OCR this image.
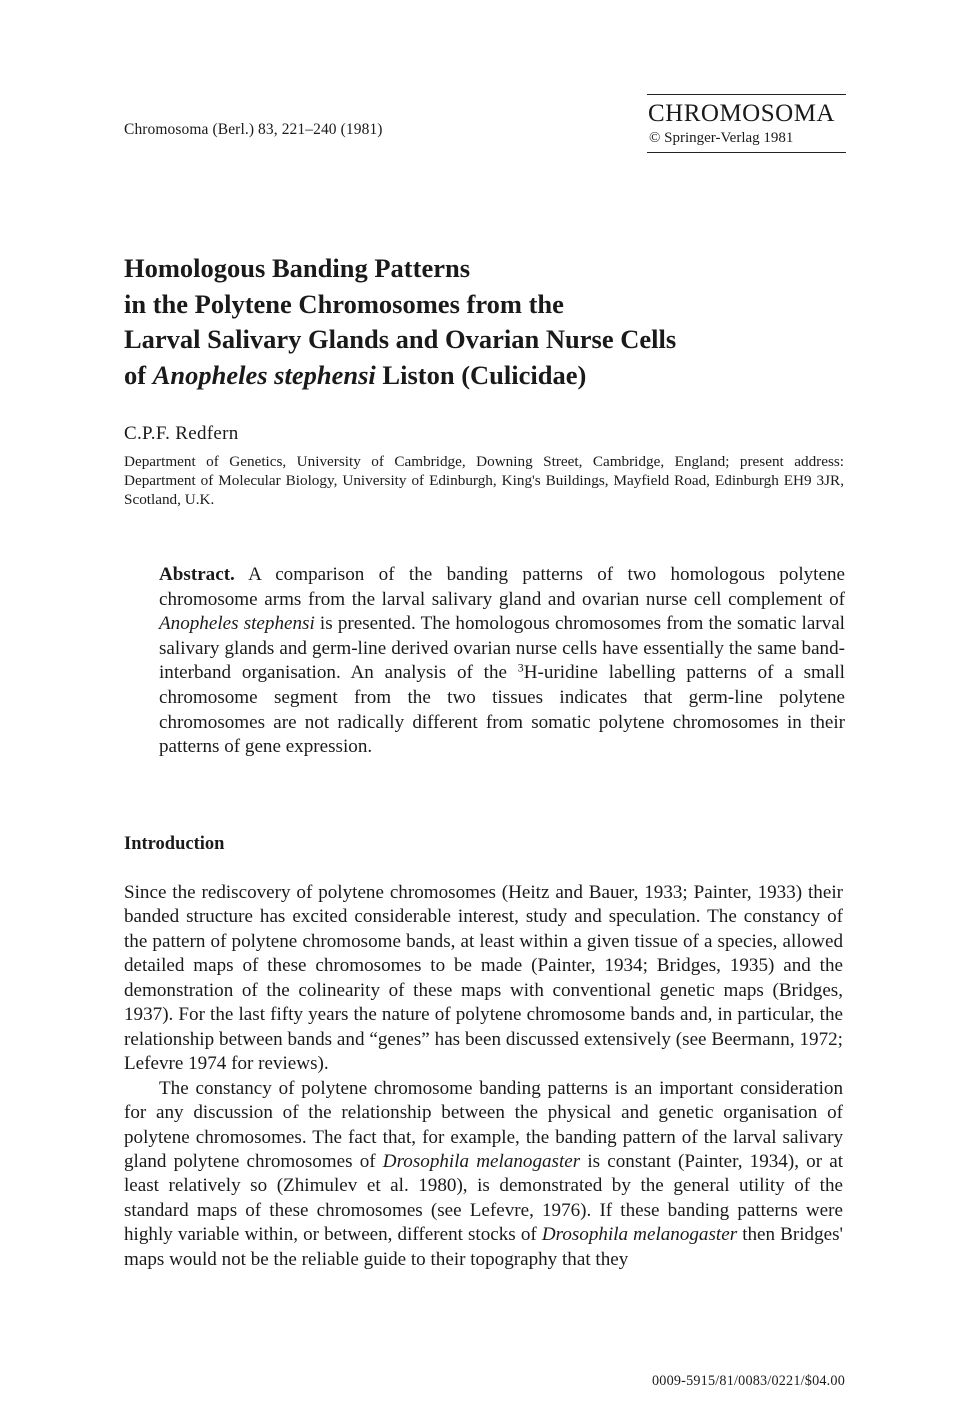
Chromosoma (Berl.) 83, 221–240 (1981)
CHROMOSOMA
© Springer-Verlag 1981
Homologous Banding Patterns
in the Polytene Chromosomes from the
Larval Salivary Glands and Ovarian Nurse Cells
of Anopheles stephensi Liston (Culicidae)
C.P.F. Redfern
Department of Genetics, University of Cambridge, Downing Street, Cambridge, England; present address: Department of Molecular Biology, University of Edinburgh, King's Buildings, Mayfield Road, Edinburgh EH9 3JR, Scotland, U.K.
Abstract. A comparison of the banding patterns of two homologous polytene chromosome arms from the larval salivary gland and ovarian nurse cell complement of Anopheles stephensi is presented. The homologous chromosomes from the somatic larval salivary glands and germ-line derived ovarian nurse cells have essentially the same band-interband organisation. An analysis of the $^3$H-uridine labelling patterns of a small chromosome segment from the two tissues indicates that germ-line polytene chromosomes are not radically different from somatic polytene chromosomes in their patterns of gene expression.
Introduction

Since the rediscovery of polytene chromosomes (Heitz and Bauer, 1933; Painter, 1933) their banded structure has excited considerable interest, study and speculation. The constancy of the pattern of polytene chromosome bands, at least within a given tissue of a species, allowed detailed maps of these chromosomes to be made (Painter, 1934; Bridges, 1935) and the demonstration of the colinearity of these maps with conventional genetic maps (Bridges, 1937). For the last fifty years the nature of polytene chromosome bands and, in particular, the relationship between bands and “genes” has been discussed extensively (see Beermann, 1972; Lefevre 1974 for reviews).

The constancy of polytene chromosome banding patterns is an important consideration for any discussion of the relationship between the physical and genetic organisation of polytene chromosomes. The fact that, for example, the banding pattern of the larval salivary gland polytene chromosomes of Drosophila melanogaster is constant (Painter, 1934), or at least relatively so (Zhimulev et al. 1980), is demonstrated by the general utility of the standard maps of these chromosomes (see Lefevre, 1976). If these banding patterns were highly variable within, or between, different stocks of Drosophila melanogaster then Bridges' maps would not be the reliable guide to their topography that they

0009-5915/81/0083/0221/$04.00
